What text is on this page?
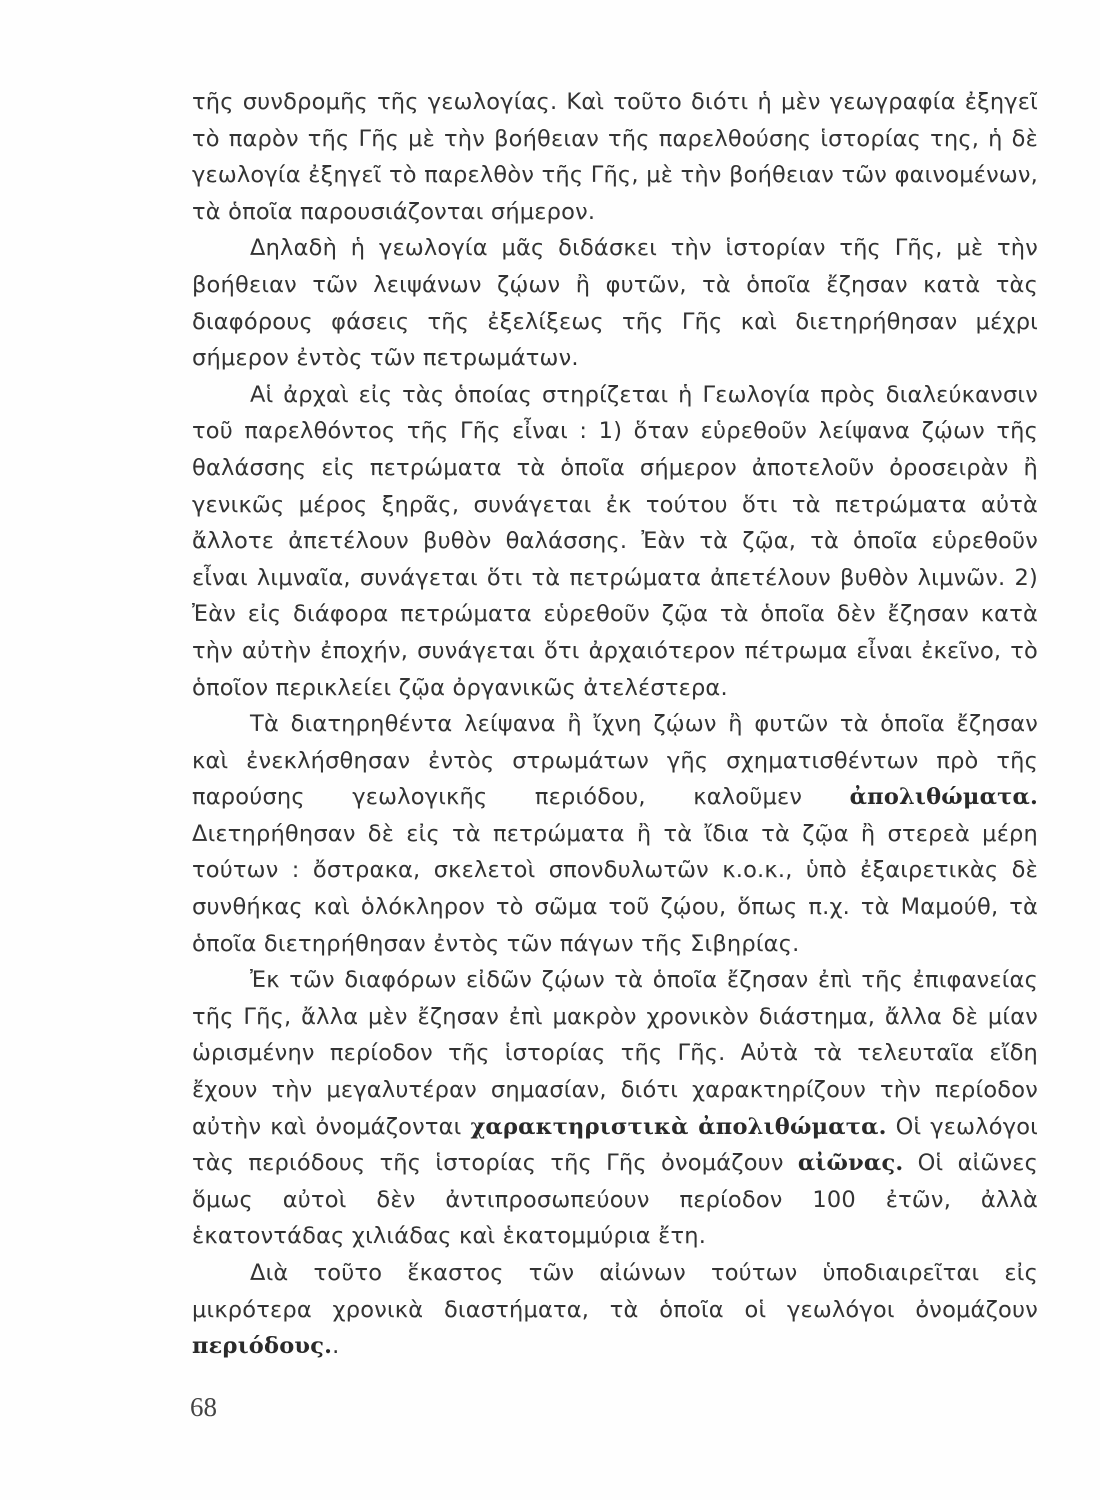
τῆς συνδρομῆς τῆς γεωλογίας. Καὶ τοῦτο διότι ἡ μὲν γεωγραφία ἐξηγεῖ τὸ παρὸν τῆς Γῆς μὲ τὴν βοήθειαν τῆς παρελθούσης ἱστορίας της, ἡ δὲ γεωλογία ἐξηγεῖ τὸ παρελθὸν τῆς Γῆς, μὲ τὴν βοήθειαν τῶν φαινομένων, τὰ ὁποῖα παρουσιάζονται σήμερον.

Δηλαδὴ ἡ γεωλογία μᾶς διδάσκει τὴν ἱστορίαν τῆς Γῆς, μὲ τὴν βοήθειαν τῶν λειψάνων ζῴων ἢ φυτῶν, τὰ ὁποῖα ἔζησαν κατὰ τὰς διαφόρους φάσεις τῆς ἐξελίξεως τῆς Γῆς καὶ διετηρήθησαν μέχρι σήμερον ἐντὸς τῶν πετρωμάτων.

Αἱ ἀρχαὶ εἰς τὰς ὁποίας στηρίζεται ἡ Γεωλογία πρὸς διαλεύκανσιν τοῦ παρελθόντος τῆς Γῆς εἶναι : 1) ὅταν εὑρεθοῦν λείψανα ζῴων τῆς θαλάσσης εἰς πετρώματα τὰ ὁποῖα σήμερον ἀποτελοῦν ὀροσειρὰν ἢ γενικῶς μέρος ξηρᾶς, συνάγεται ἐκ τούτου ὅτι τὰ πετρώματα αὐτὰ ἄλλοτε ἀπετέλουν βυθὸν θαλάσσης. Ἐὰν τὰ ζῷα, τὰ ὁποῖα εὑρεθοῦν εἶναι λιμναῖα, συνάγεται ὅτι τὰ πετρώματα ἀπετέλουν βυθὸν λιμνῶν. 2) Ἐὰν εἰς διάφορα πετρώματα εὑρεθοῦν ζῷα τὰ ὁποῖα δὲν ἔζησαν κατὰ τὴν αὐτὴν ἐποχήν, συνάγεται ὅτι ἀρχαιότερον πέτρωμα εἶναι ἐκεῖνο, τὸ ὁποῖον περικλείει ζῷα ὀργανικῶς ἀτελέστερα.

Τὰ διατηρηθέντα λείψανα ἢ ἴχνη ζῴων ἢ φυτῶν τὰ ὁποῖα ἔζησαν καὶ ἐνεκλήσθησαν ἐντὸς στρωμάτων γῆς σχηματισθέντων πρὸ τῆς παρούσης γεωλογικῆς περιόδου, καλοῦμεν ἀπολιθώματα. Διετηρήθησαν δὲ εἰς τὰ πετρώματα ἢ τὰ ἴδια τὰ ζῷα ἢ στερεὰ μέρη τούτων : ὄστρακα, σκελετοὶ σπονδυλωτῶν κ.ο.κ., ὑπὸ ἐξαιρετικὰς δὲ συνθήκας καὶ ὁλόκληρον τὸ σῶμα τοῦ ζῴου, ὅπως π.χ. τὰ Μαμούθ, τὰ ὁποῖα διετηρήθησαν ἐντὸς τῶν πάγων τῆς Σιβηρίας.

Ἐκ τῶν διαφόρων εἰδῶν ζῴων τὰ ὁποῖα ἔζησαν ἐπὶ τῆς ἐπιφανείας τῆς Γῆς, ἄλλα μὲν ἔζησαν ἐπὶ μακρὸν χρονικὸν διάστημα, ἄλλα δὲ μίαν ὡρισμένην περίοδον τῆς ἱστορίας τῆς Γῆς. Αὐτὰ τὰ τελευταῖα εἴδη ἔχουν τὴν μεγαλυτέραν σημασίαν, διότι χαρακτηρίζουν τὴν περίοδον αὐτὴν καὶ ὀνομάζονται χαρακτηριστικὰ ἀπολιθώματα. Οἱ γεωλόγοι τὰς περιόδους τῆς ἱστορίας τῆς Γῆς ὀνομάζουν αἰῶνας. Οἱ αἰῶνες ὅμως αὐτοὶ δὲν ἀντιπροσωπεύουν περίοδον 100 ἐτῶν, ἀλλὰ ἑκατοντάδας χιλιάδας καὶ ἑκατομμύρια ἔτη.

Διὰ τοῦτο ἕκαστος τῶν αἰώνων τούτων ὑποδιαιρεῖται εἰς μικρότερα χρονικὰ διαστήματα, τὰ ὁποῖα οἱ γεωλόγοι ὀνομάζουν περιόδους..

68
